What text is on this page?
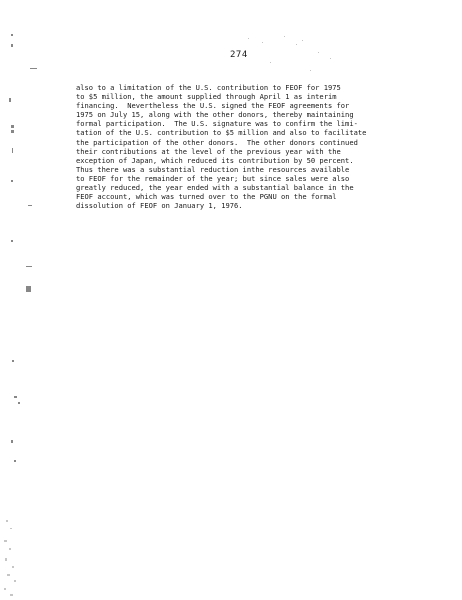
274

also to a limitation of the U.S. contribution to FEOF for 1975
to $5 million, the amount supplied through April 1 as interim
financing.  Nevertheless the U.S. signed the FEOF agreements for
1975 on July 15, along with the other donors, thereby maintaining
formal participation.  The U.S. signature was to confirm the limi-
tation of the U.S. contribution to $5 million and also to facilitate
the participation of the other donors.  The other donors continued
their contributions at the level of the previous year with the
exception of Japan, which reduced its contribution by 50 percent.
Thus there was a substantial reduction inthe resources available
to FEOF for the remainder of the year; but since sales were also
greatly reduced, the year ended with a substantial balance in the
FEOF account, which was turned over to the PGNU on the formal
dissolution of FEOF on January 1, 1976.
